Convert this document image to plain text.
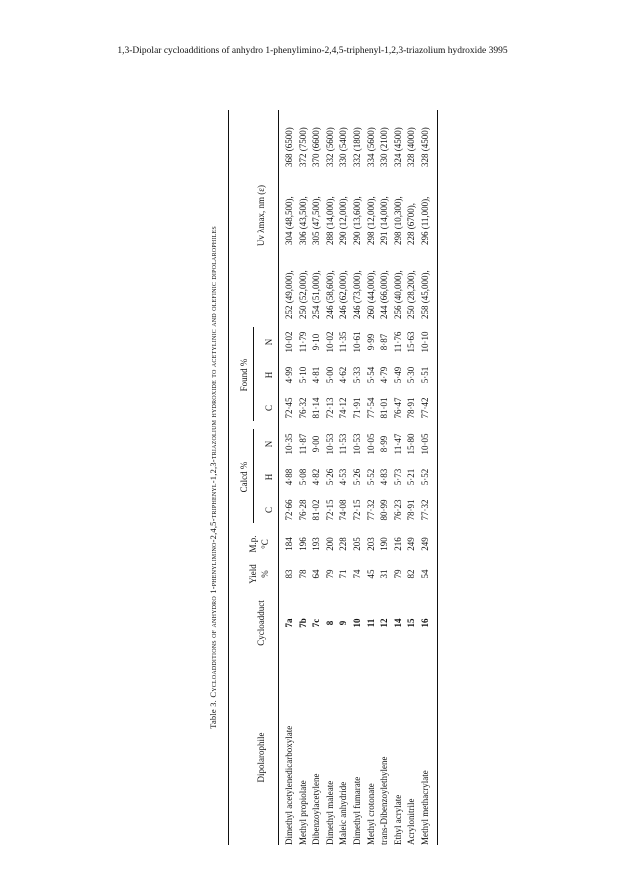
1,3-Dipolar cycloadditions of anhydro 1-phenylimino-2,4,5-triphenyl-1,2,3-triazolium hydroxide 3995
Table 3. Cycloadditions of anhydro 1-phenylimino-2,4,5-triphenyl-1,2,3-triazolium hydroxide to acetylinic and olefinic dipolarophiles
Dipolarophile
Cycloadduct
Yield %
M.p. °C
Calcd %
C
H
N
Found %
C
H
N
Uv λmax, nm (ε)
Dimethyl acetylenedicarboxylate
7a
83
184
72·66
4·88
10·35
72·45
4·99
10·02
252 (49,000),
304 (48,500),
368 (6500)
Methyl propiolate
7b
78
196
76·28
5·08
11·87
76·32
5·10
11·79
250 (52,000),
306 (43,500),
372 (7500)
Dibenzoylacetylene
7c
64
193
81·02
4·82
9·00
81·14
4·81
9·10
254 (51,000),
305 (47,500),
370 (6600)
Dimethyl maleate
8
79
200
72·15
5·26
10·53
72·13
5·00
10·02
246 (58,600),
288 (14,000),
332 (5600)
Maleic anhydride
9
71
228
74·08
4·53
11·53
74·12
4·62
11·35
246 (62,000),
290 (12,000),
330 (5400)
Dimethyl fumarate
10
74
205
72·15
5·26
10·53
71·91
5·33
10·61
246 (73,000),
290 (13,600),
332 (1800)
Methyl crotonate
11
45
203
77·32
5·52
10·05
77·54
5·54
9·99
260 (44,000),
298 (12,000),
334 (5600)
trans-Dibenzoylethylene
12
31
190
80·99
4·83
8·99
81·01
4·79
8·87
244 (66,000),
291 (14,000),
330 (2100)
Ethyl acrylate
14
79
216
76·23
5·73
11·47
76·47
5·49
11·76
256 (40,000),
298 (10,300),
324 (4500)
Acrylonitrile
15
82
249
78·91
5·21
15·80
78·91
5·30
15·63
250 (28,200),
228 (6700),
328 (4000)
Methyl methacrylate
16
54
249
77·32
5·52
10·05
77·42
5·51
10·10
258 (45,000),
296 (11,000),
328 (4500)
